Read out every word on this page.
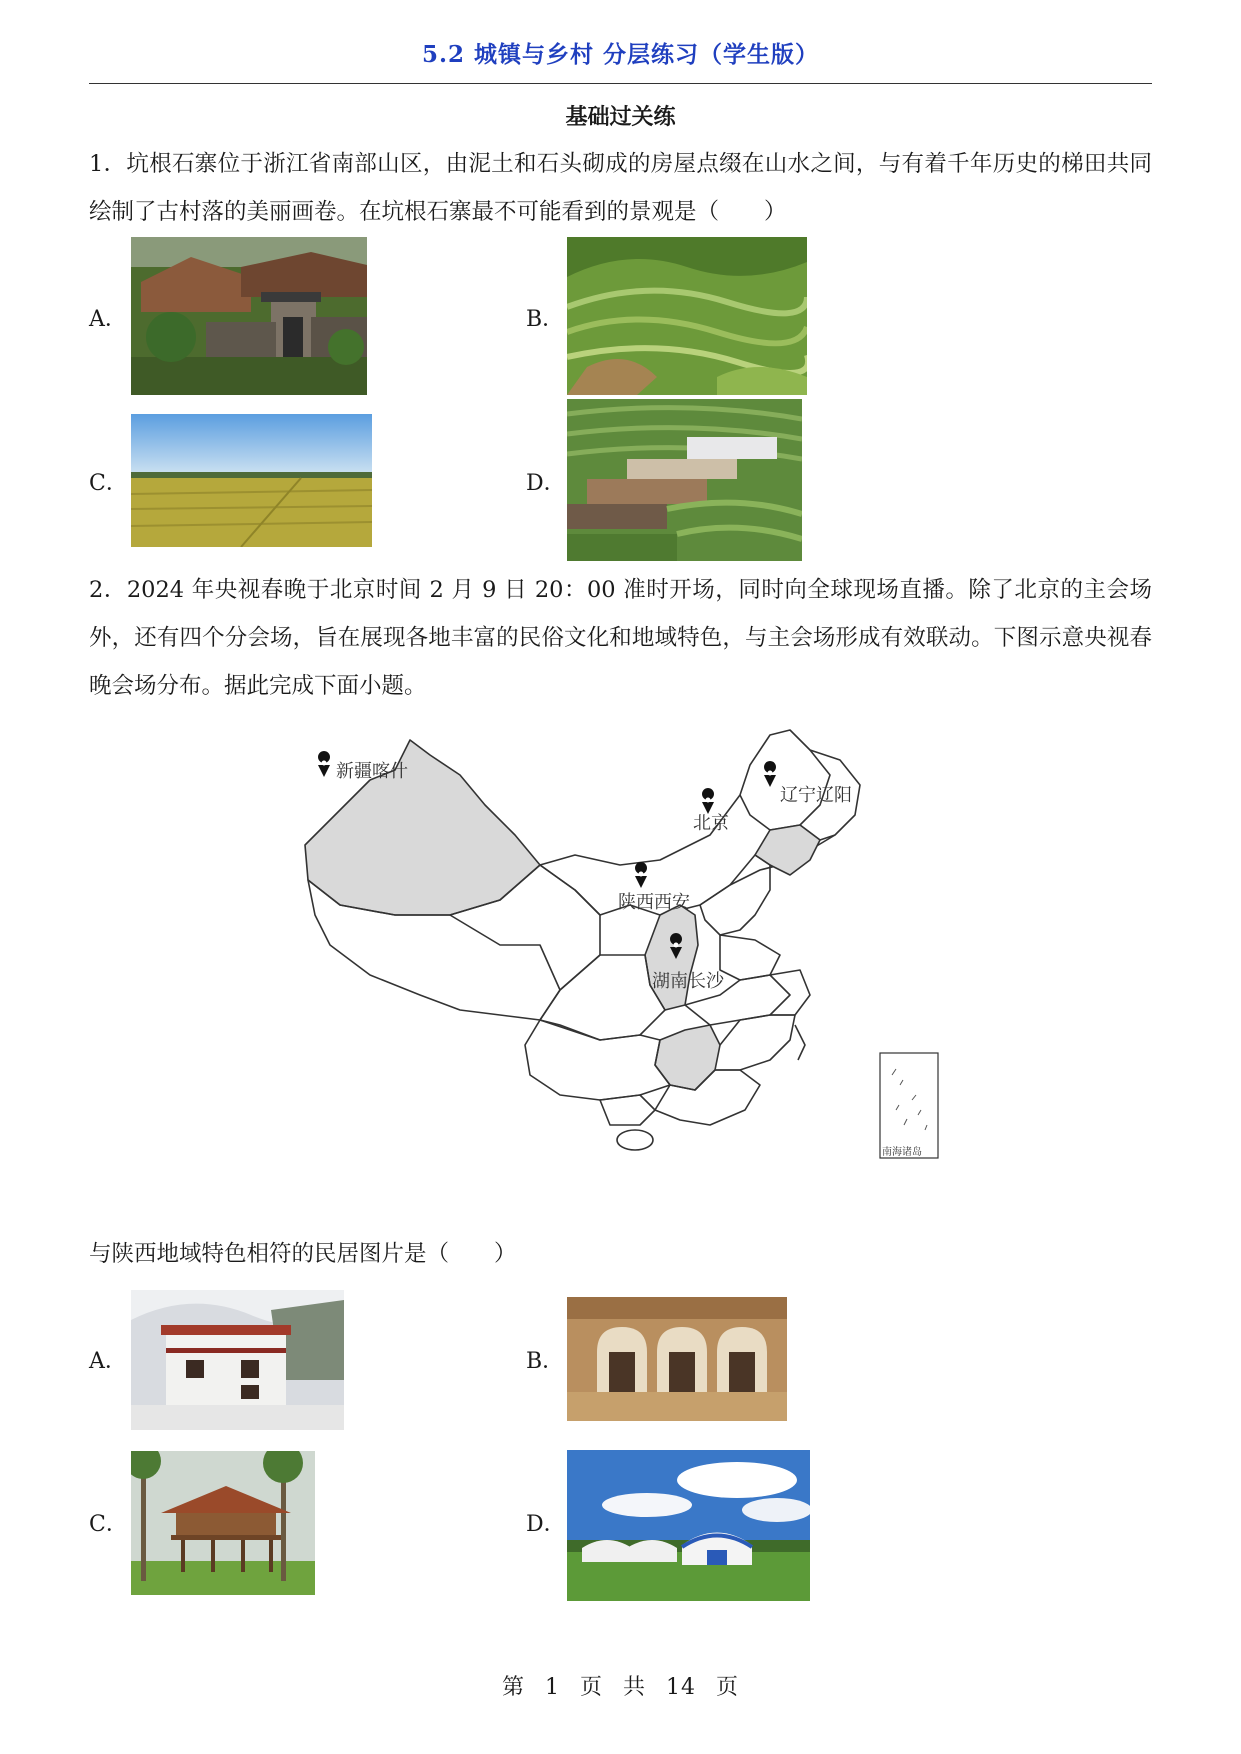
5.2 城镇与乡村 分层练习（学生版）
基础过关练

1．坑根石寨位于浙江省南部山区，由泥土和石头砌成的房屋点缀在山水之间，与有着千年历史的梯田共同绘制了古村落的美丽画卷。在坑根石寨最不可能看到的景观是（　　）

A．	B．
C．	D．

2．2024 年央视春晚于北京时间 2 月 9 日 20：00 准时开场，同时向全球现场直播。除了北京的主会场外，还有四个分会场，旨在展现各地丰富的民俗文化和地域特色，与主会场形成有效联动。下图示意央视春晚会场分布。据此完成下面小题。

新疆喀什
辽宁辽阳
北京
陕西西安
湖南长沙
南海诸岛

与陕西地域特色相符的民居图片是（　　）

A．	B．
C．	D．
第 1 页 共 14 页
